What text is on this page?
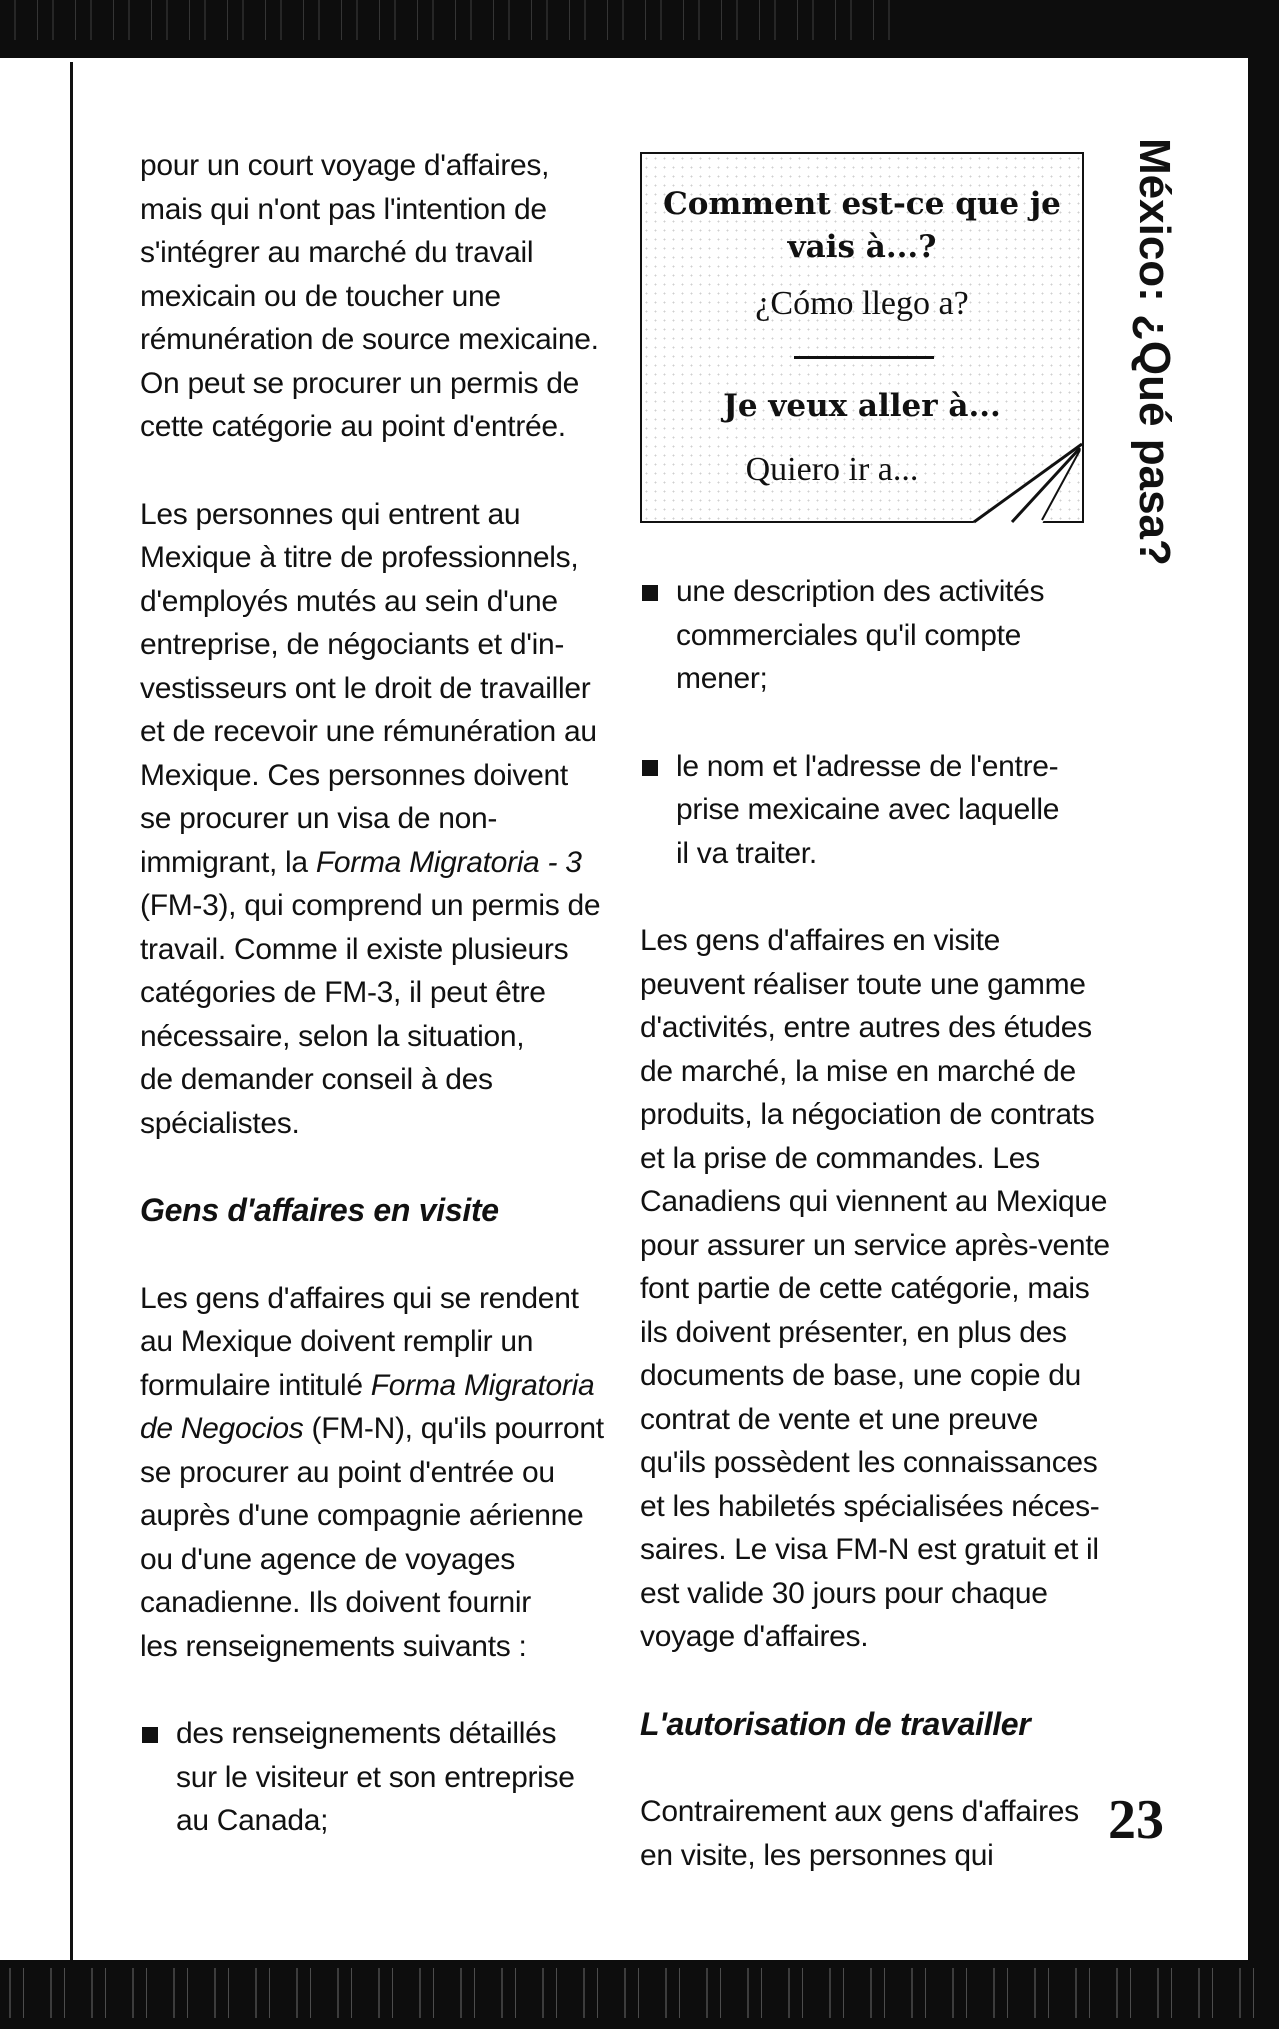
pour un court voyage d'affaires,
mais qui n'ont pas l'intention de
s'intégrer au marché du travail
mexicain ou de toucher une
rémunération de source mexicaine.
On peut se procurer un permis de
cette catégorie au point d'entrée.

Les personnes qui entrent au
Mexique à titre de professionnels,
d'employés mutés au sein d'une
entreprise, de négociants et d'in-
vestisseurs ont le droit de travailler
et de recevoir une rémunération au
Mexique. Ces personnes doivent
se procurer un visa de non-
immigrant, la Forma Migratoria - 3
(FM-3), qui comprend un permis de
travail. Comme il existe plusieurs
catégories de FM-3, il peut être
nécessaire, selon la situation,
de demander conseil à des
spécialistes.

Gens d'affaires en visite

Les gens d'affaires qui se rendent
au Mexique doivent remplir un
formulaire intitulé Forma Migratoria
de Negocios (FM-N), qu'ils pourront
se procurer au point d'entrée ou
auprès d'une compagnie aérienne
ou d'une agence de voyages
canadienne. Ils doivent fournir
les renseignements suivants :

des renseignements détaillés
sur le visiteur et son entreprise
au Canada;

Comment est-ce que je
vais à...?
¿Cómo llego a?
Je veux aller à...
Quiero ir a...

une description des activités
commerciales qu'il compte
mener;

le nom et l'adresse de l'entre-
prise mexicaine avec laquelle
il va traiter.

Les gens d'affaires en visite
peuvent réaliser toute une gamme
d'activités, entre autres des études
de marché, la mise en marché de
produits, la négociation de contrats
et la prise de commandes. Les
Canadiens qui viennent au Mexique
pour assurer un service après-vente
font partie de cette catégorie, mais
ils doivent présenter, en plus des
documents de base, une copie du
contrat de vente et une preuve
qu'ils possèdent les connaissances
et les habiletés spécialisées néces-
saires. Le visa FM-N est gratuit et il
est valide 30 jours pour chaque
voyage d'affaires.

L'autorisation de travailler

Contrairement aux gens d'affaires
en visite, les personnes qui

México: ¿Qué pasa?
23
